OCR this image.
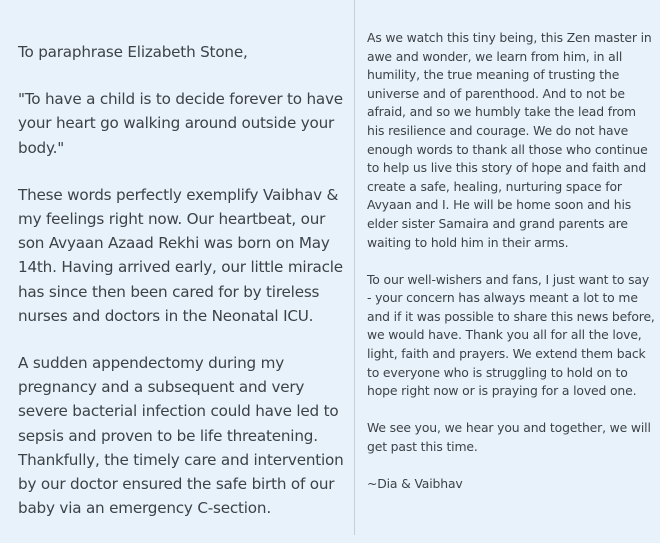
To paraphrase Elizabeth Stone,

"To have a child is to decide forever to have your heart go walking around outside your body."

These words perfectly exemplify Vaibhav & my feelings right now. Our heartbeat, our son Avyaan Azaad Rekhi was born on May 14th. Having arrived early, our little miracle has since then been cared for by tireless nurses and doctors in the Neonatal ICU.

A sudden appendectomy during my pregnancy and a subsequent and very severe bacterial infection could have led to sepsis and proven to be life threatening. Thankfully, the timely care and intervention by our doctor ensured the safe birth of our baby via an emergency C-section.

As we watch this tiny being, this Zen master in awe and wonder, we learn from him, in all humility, the true meaning of trusting the universe and of parenthood. And to not be afraid, and so we humbly take the lead from his resilience and courage. We do not have enough words to thank all those who continue to help us live this story of hope and faith and create a safe, healing, nurturing space for Avyaan and I. He will be home soon and his elder sister Samaira and grand parents are waiting to hold him in their arms.

To our well-wishers and fans, I just want to say - your concern has always meant a lot to me and if it was possible to share this news before, we would have. Thank you all for all the love, light, faith and prayers. We extend them back to everyone who is struggling to hold on to hope right now or is praying for a loved one.

We see you, we hear you and together, we will get past this time.

~Dia & Vaibhav
